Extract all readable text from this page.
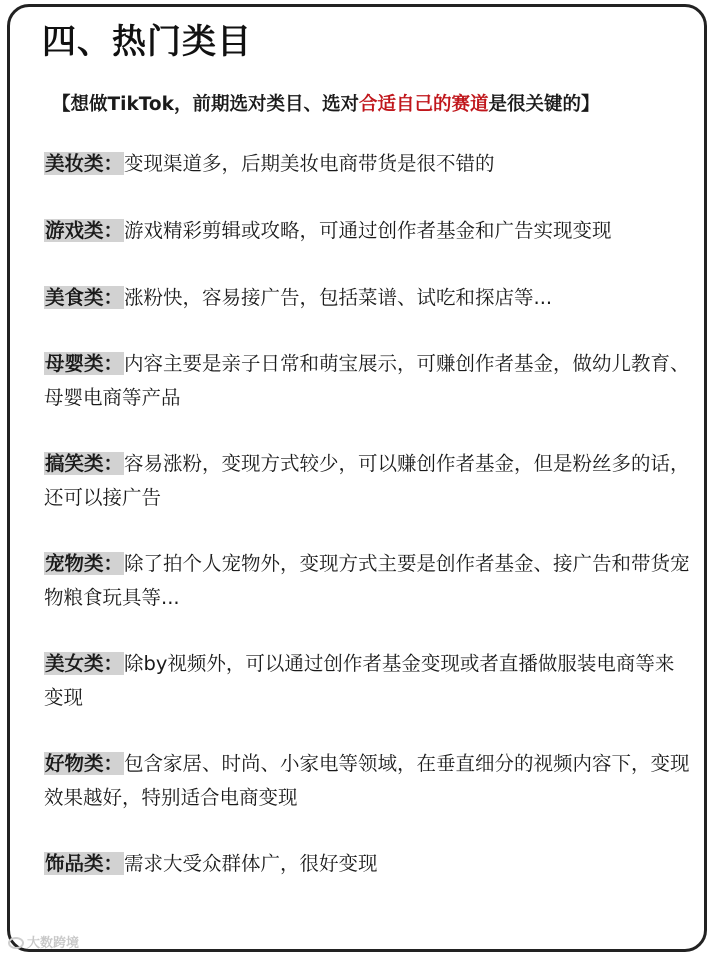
四、热门类目
【想做TikTok，前期选对类目、选对合适自己的赛道是很关键的】
美妆类：变现渠道多，后期美妆电商带货是很不错的
游戏类：游戏精彩剪辑或攻略，可通过创作者基金和广告实现变现
美食类：涨粉快，容易接广告，包括菜谱、试吃和探店等...
母婴类：内容主要是亲子日常和萌宝展示，可赚创作者基金，做幼儿教育、母婴电商等产品
搞笑类：容易涨粉，变现方式较少，可以赚创作者基金，但是粉丝多的话，还可以接广告
宠物类：除了拍个人宠物外，变现方式主要是创作者基金、接广告和带货宠物粮食玩具等...
美女类：除by视频外，可以通过创作者基金变现或者直播做服装电商等来变现
好物类：包含家居、时尚、小家电等领域，在垂直细分的视频内容下，变现效果越好，特别适合电商变现
饰品类：需求大受众群体广，很好变现
大数跨境
